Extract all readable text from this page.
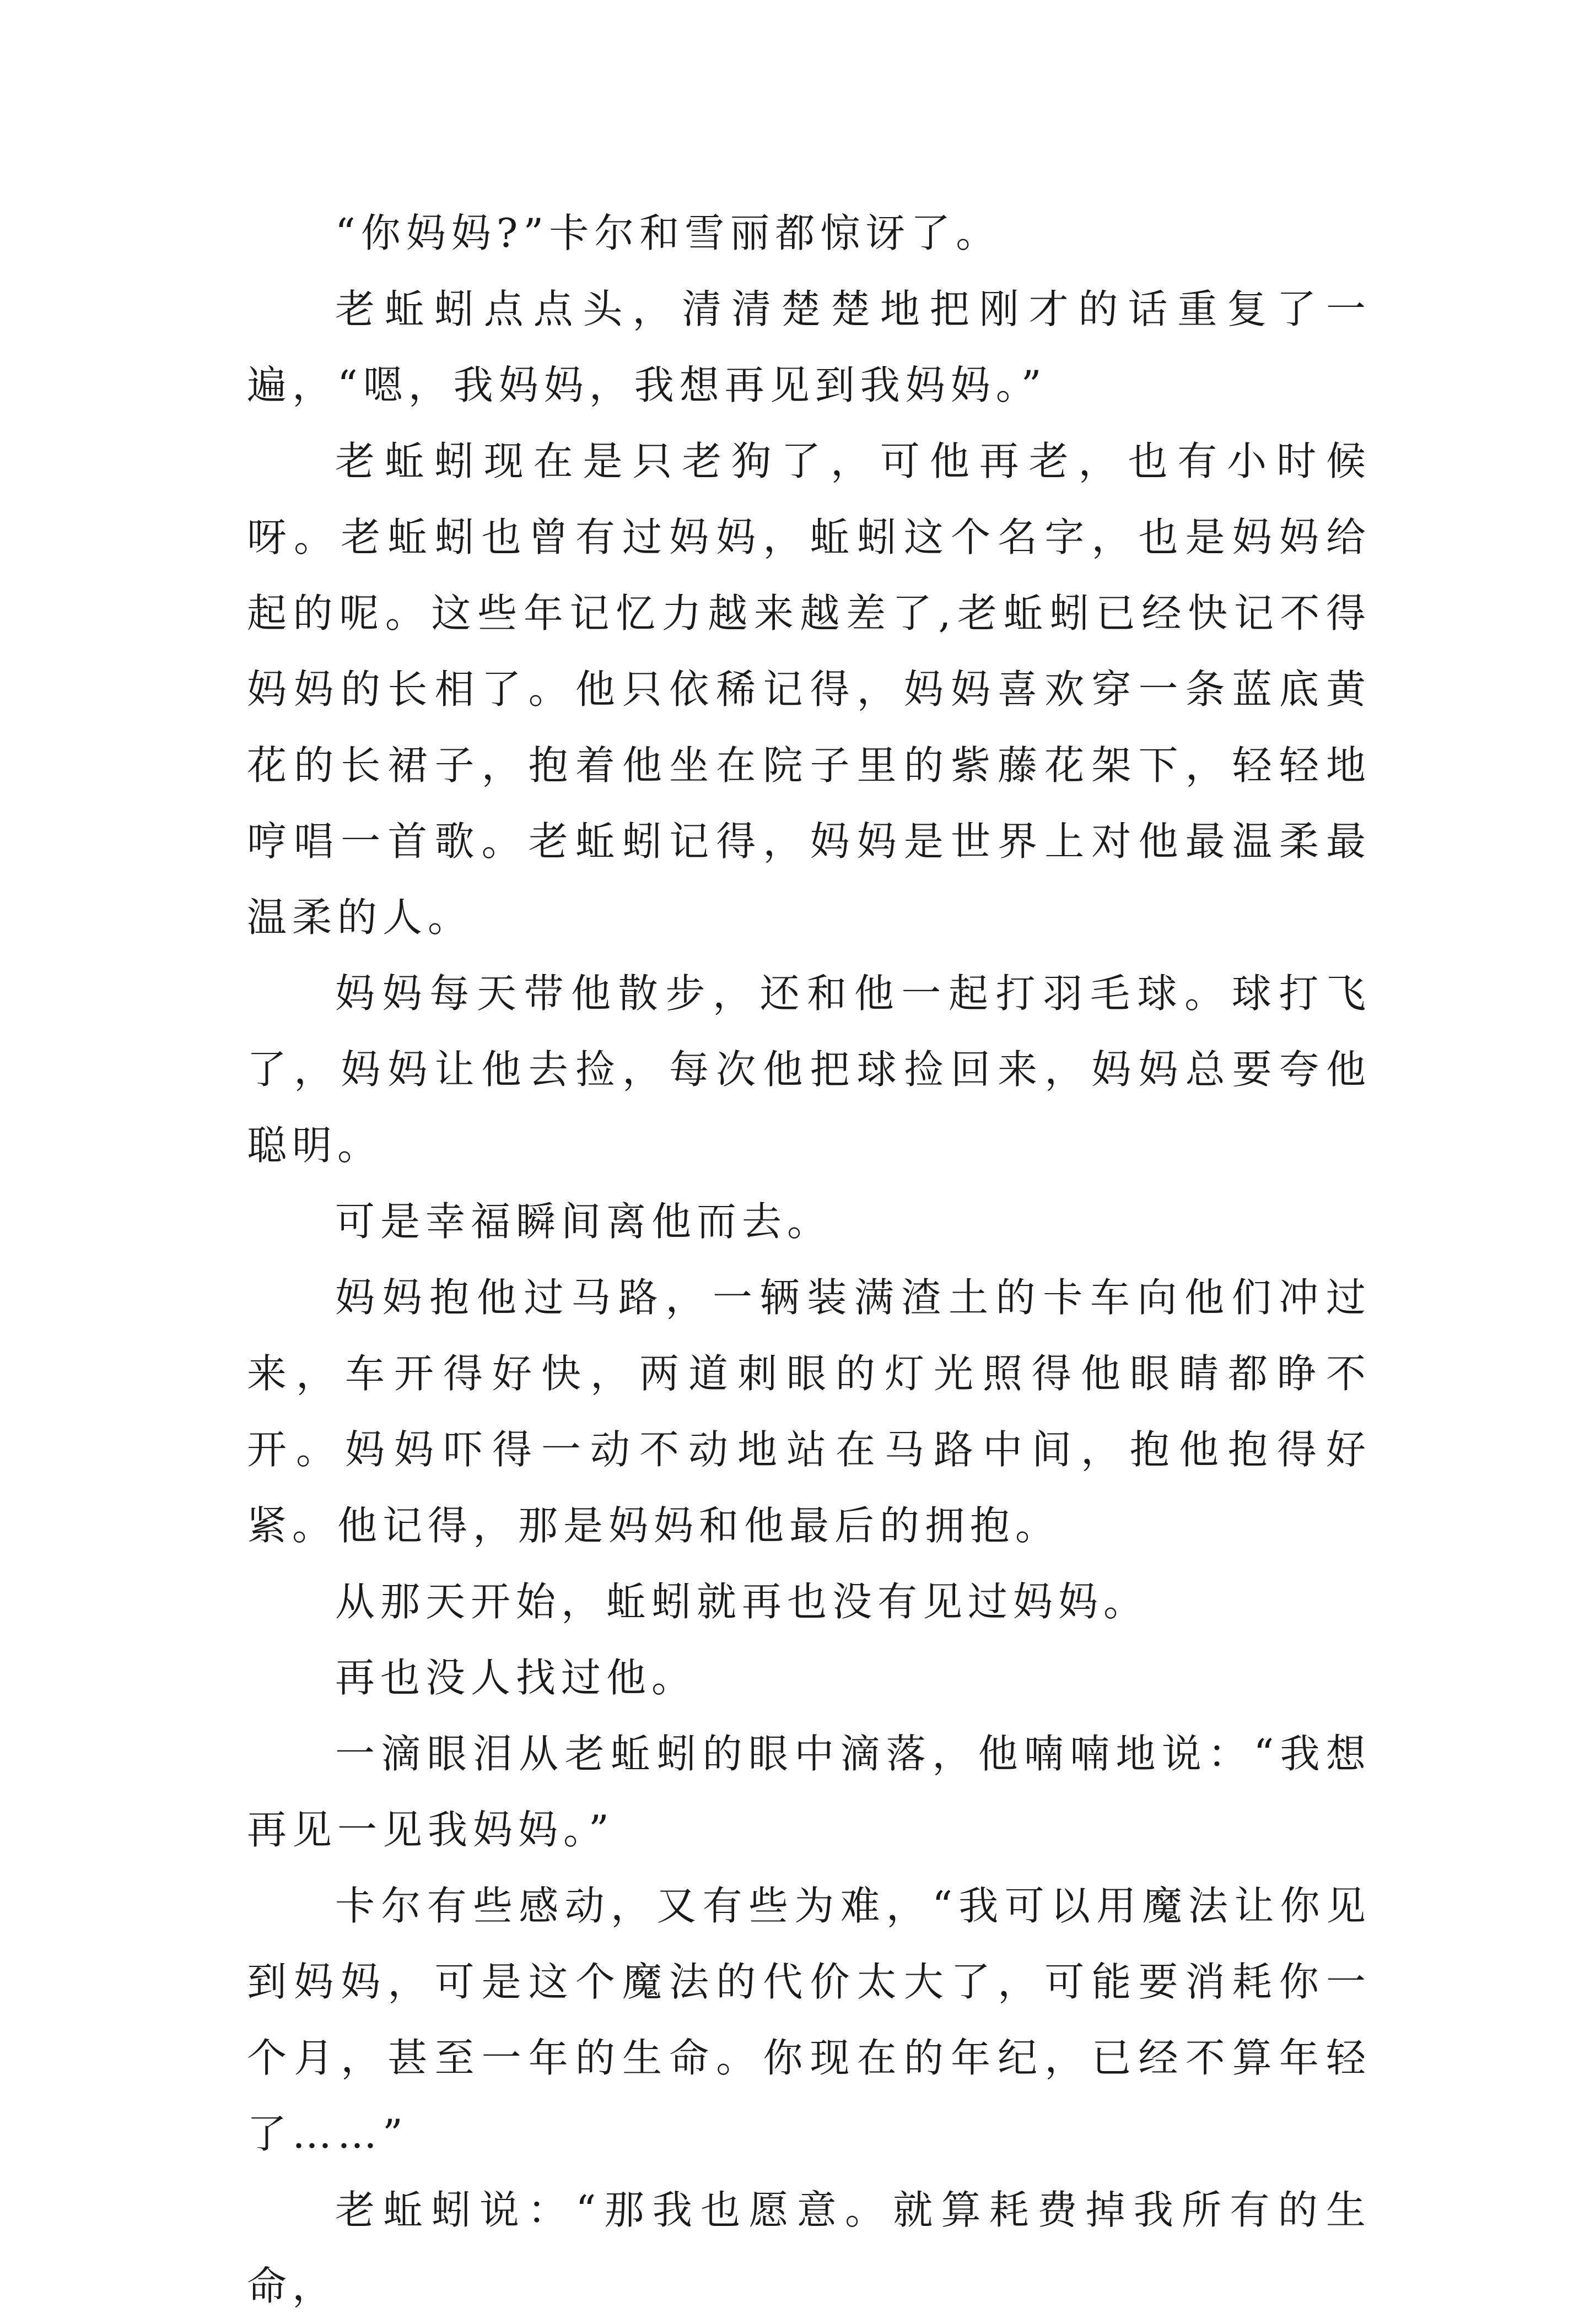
“你妈妈?”卡尔和雪丽都惊讶了。

老蚯蚓点点头，清清楚楚地把刚才的话重复了一遍，“嗯，我妈妈，我想再见到我妈妈。”

老蚯蚓现在是只老狗了，可他再老，也有小时候呀。老蚯蚓也曾有过妈妈，蚯蚓这个名字，也是妈妈给起的呢。这些年记忆力越来越差了,老蚯蚓已经快记不得妈妈的长相了。他只依稀记得，妈妈喜欢穿一条蓝底黄花的长裙子，抱着他坐在院子里的紫藤花架下，轻轻地哼唱一首歌。老蚯蚓记得，妈妈是世界上对他最温柔最温柔的人。

妈妈每天带他散步，还和他一起打羽毛球。球打飞了，妈妈让他去捡，每次他把球捡回来，妈妈总要夸他聪明。

可是幸福瞬间离他而去。

妈妈抱他过马路，一辆装满渣土的卡车向他们冲过来，车开得好快，两道刺眼的灯光照得他眼睛都睁不开。妈妈吓得一动不动地站在马路中间，抱他抱得好紧。他记得，那是妈妈和他最后的拥抱。

从那天开始，蚯蚓就再也没有见过妈妈。

再也没人找过他。

一滴眼泪从老蚯蚓的眼中滴落，他喃喃地说：“我想再见一见我妈妈。”

卡尔有些感动，又有些为难，“我可以用魔法让你见到妈妈，可是这个魔法的代价太大了，可能要消耗你一个月，甚至一年的生命。你现在的年纪，已经不算年轻了……”

老蚯蚓说：“那我也愿意。就算耗费掉我所有的生命，
